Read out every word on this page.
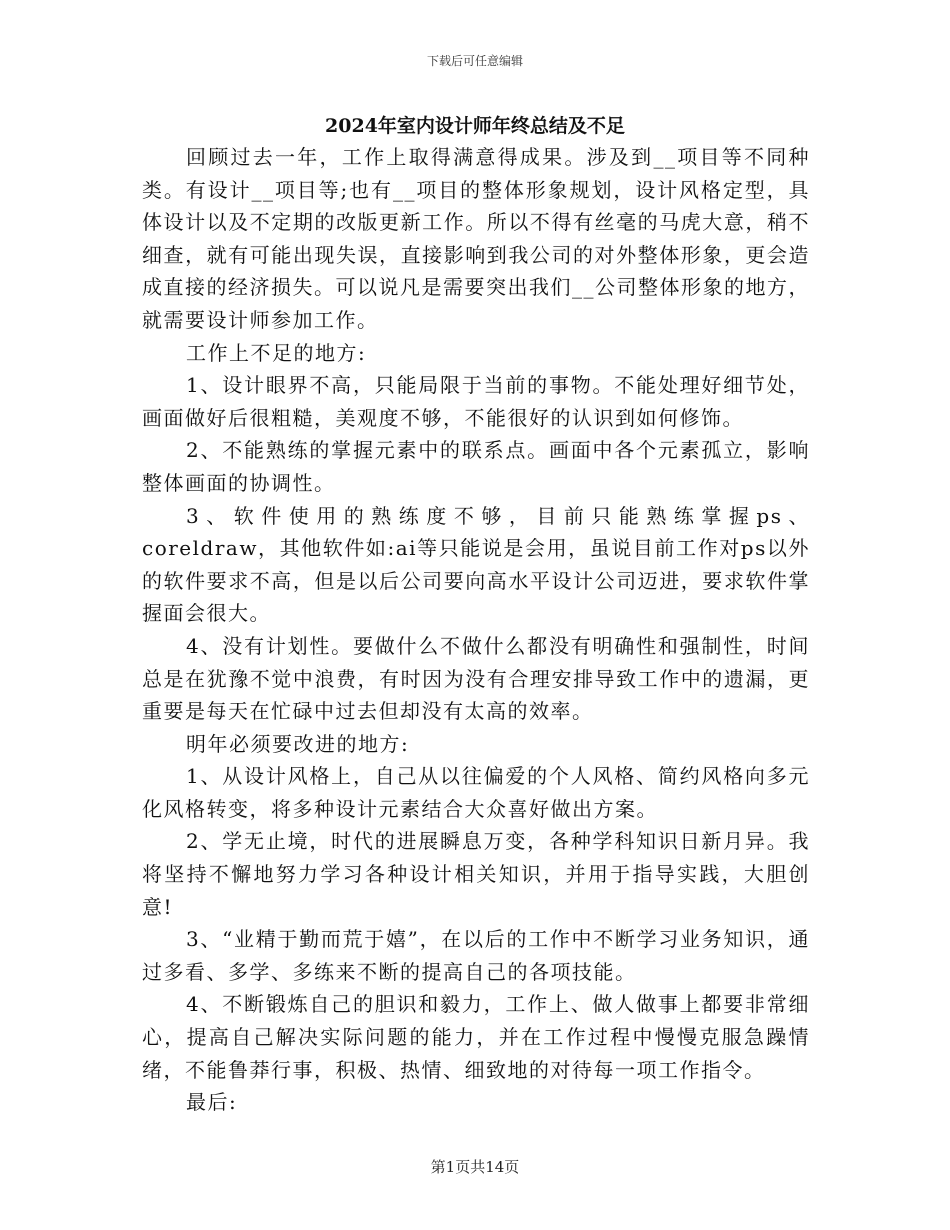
下载后可任意编辑
2024年室内设计师年终总结及不足

回顾过去一年，工作上取得满意得成果。涉及到__项目等不同种类。有设计__项目等;也有__项目的整体形象规划，设计风格定型，具体设计以及不定期的改版更新工作。所以不得有丝毫的马虎大意，稍不细查，就有可能出现失误，直接影响到我公司的对外整体形象，更会造成直接的经济损失。可以说凡是需要突出我们__公司整体形象的地方，就需要设计师参加工作。

工作上不足的地方:

1、设计眼界不高，只能局限于当前的事物。不能处理好细节处，画面做好后很粗糙，美观度不够，不能很好的认识到如何修饰。

2、不能熟练的掌握元素中的联系点。画面中各个元素孤立，影响整体画面的协调性。

3、软件使用的熟练度不够，目前只能熟练掌握ps、coreldraw，其他软件如:ai等只能说是会用，虽说目前工作对ps以外的软件要求不高，但是以后公司要向高水平设计公司迈进，要求软件掌握面会很大。

4、没有计划性。要做什么不做什么都没有明确性和强制性，时间总是在犹豫不觉中浪费，有时因为没有合理安排导致工作中的遗漏，更重要是每天在忙碌中过去但却没有太高的效率。

明年必须要改进的地方:

1、从设计风格上，自己从以往偏爱的个人风格、简约风格向多元化风格转变，将多种设计元素结合大众喜好做出方案。

2、学无止境，时代的进展瞬息万变，各种学科知识日新月异。我将坚持不懈地努力学习各种设计相关知识，并用于指导实践，大胆创意!

3、“业精于勤而荒于嬉”，在以后的工作中不断学习业务知识，通过多看、多学、多练来不断的提高自己的各项技能。

4、不断锻炼自己的胆识和毅力，工作上、做人做事上都要非常细心，提高自己解决实际问题的能力，并在工作过程中慢慢克服急躁情绪，不能鲁莽行事，积极、热情、细致地的对待每一项工作指令。

最后:

第1页共14页
